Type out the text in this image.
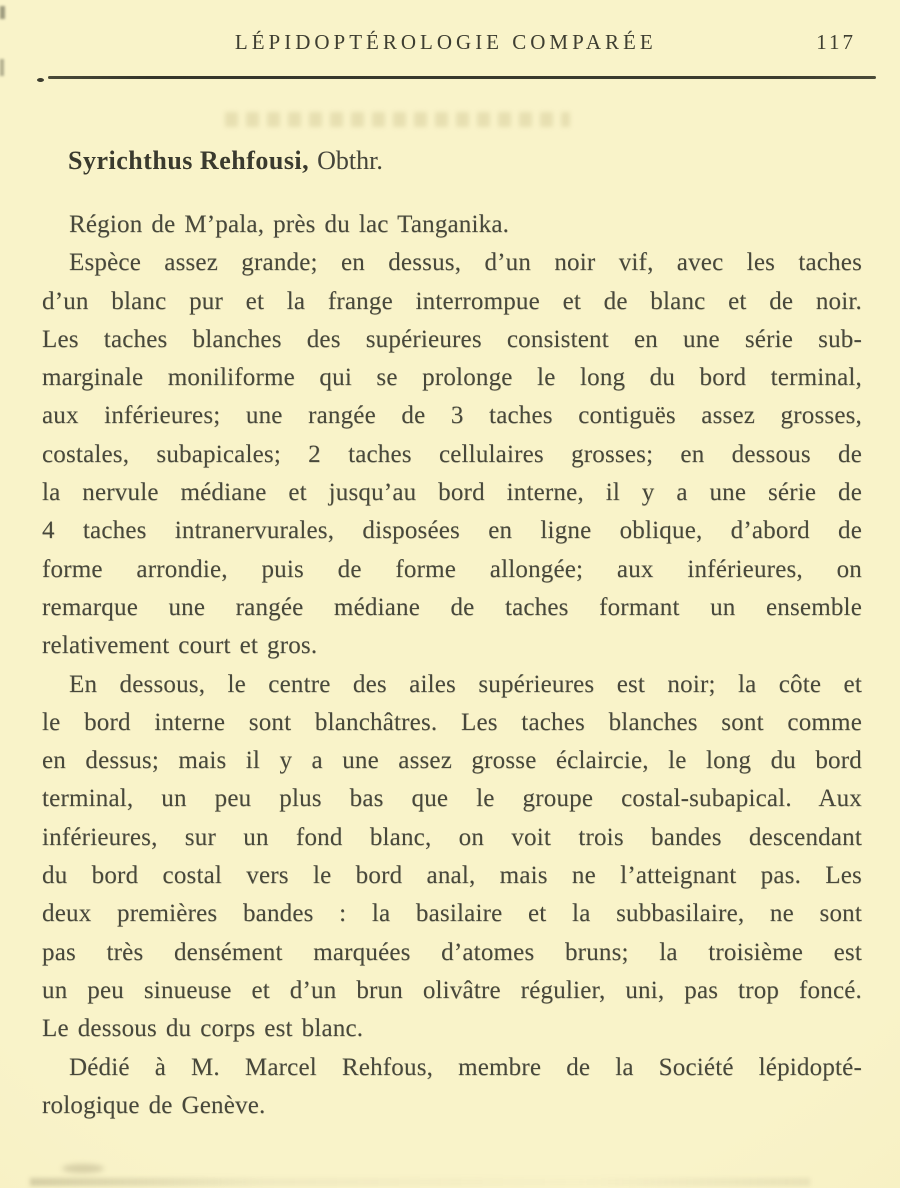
LÉPIDOPTÉROLOGIE COMPARÉE	117
Syrichthus Rehfousi, Obthr.

Région de M’pala, près du lac Tanganika.

Espèce assez grande; en dessus, d’un noir vif, avec les taches
d’un blanc pur et la frange interrompue et de blanc et de noir.
Les taches blanches des supérieures consistent en une série sub-
marginale moniliforme qui se prolonge le long du bord terminal,
aux inférieures; une rangée de 3 taches contiguës assez grosses,
costales, subapicales; 2 taches cellulaires grosses; en dessous de
la nervule médiane et jusqu’au bord interne, il y a une série de
4 taches intranervurales, disposées en ligne oblique, d’abord de
forme arrondie, puis de forme allongée; aux inférieures, on
remarque une rangée médiane de taches formant un ensemble
relativement court et gros.

En dessous, le centre des ailes supérieures est noir; la côte et
le bord interne sont blanchâtres. Les taches blanches sont comme
en dessus; mais il y a une assez grosse éclaircie, le long du bord
terminal, un peu plus bas que le groupe costal-subapical. Aux
inférieures, sur un fond blanc, on voit trois bandes descendant
du bord costal vers le bord anal, mais ne l’atteignant pas. Les
deux premières bandes : la basilaire et la subbasilaire, ne sont
pas très densément marquées d’atomes bruns; la troisième est
un peu sinueuse et d’un brun olivâtre régulier, uni, pas trop foncé.
Le dessous du corps est blanc.

Dédié à M. Marcel Rehfous, membre de la Société lépidopté-
rologique de Genève.
